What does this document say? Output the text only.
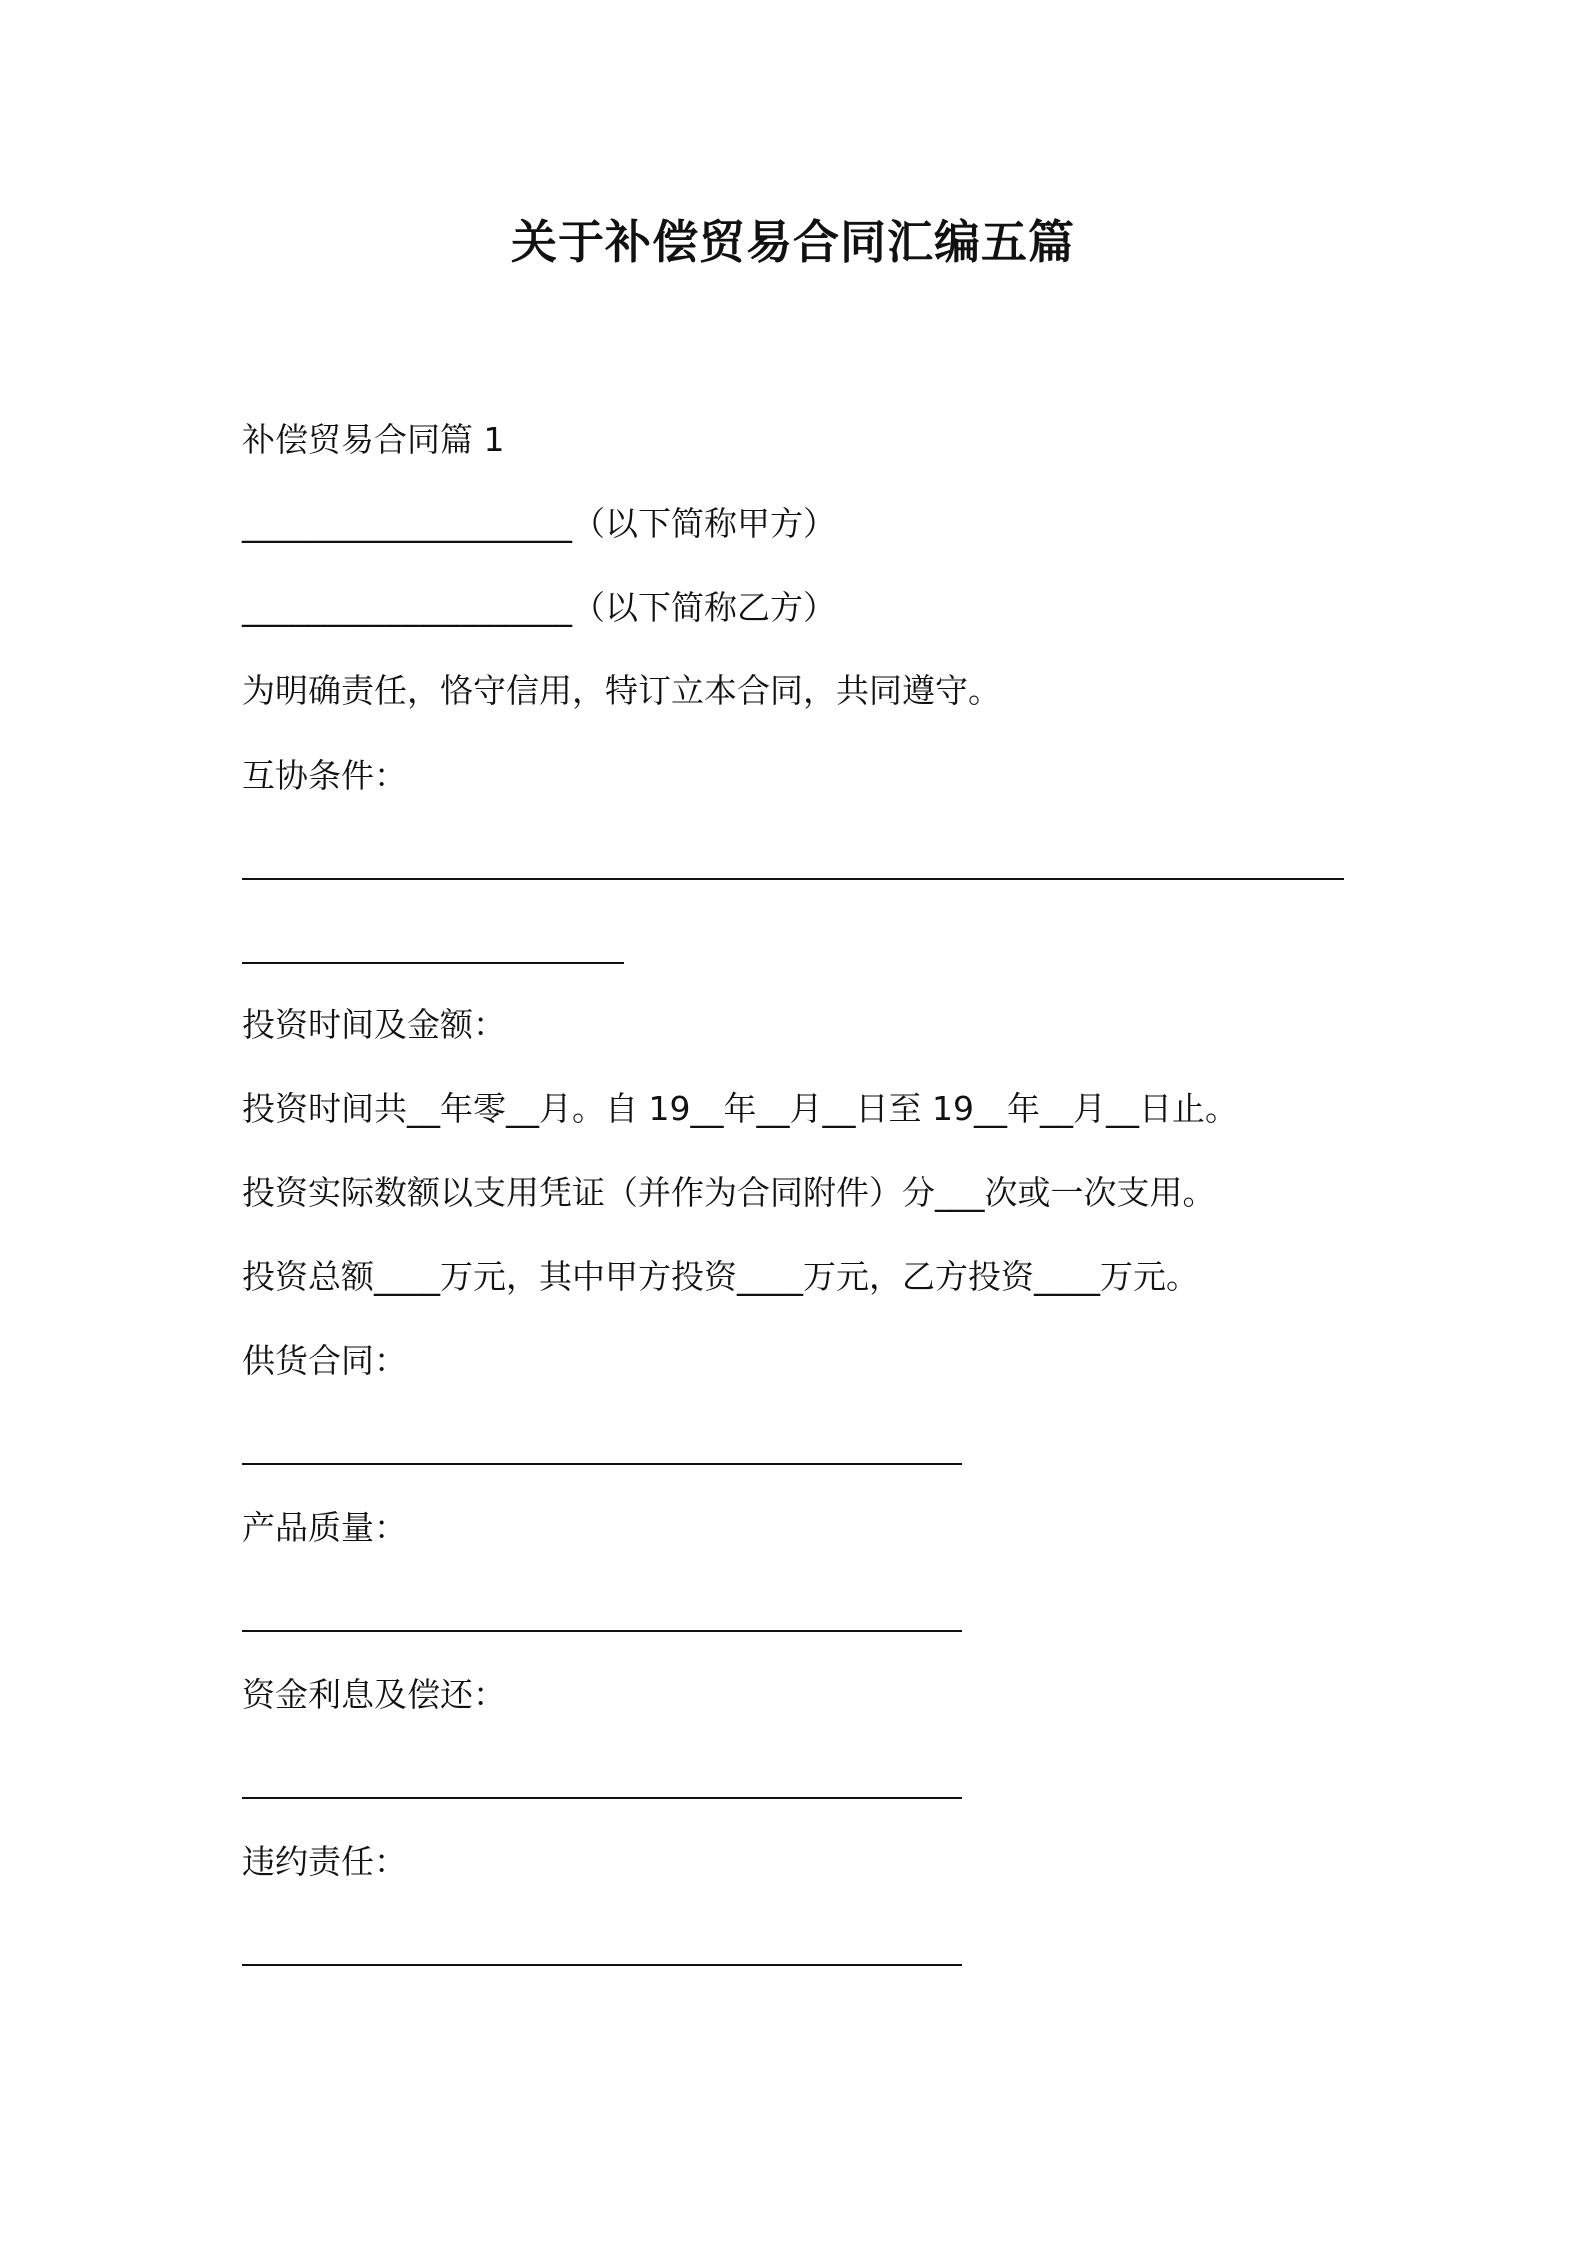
关于补偿贸易合同汇编五篇
补偿贸易合同篇 1
____________________（以下简称甲方）
____________________（以下简称乙方）
为明确责任，恪守信用，特订立本合同，共同遵守。
互协条件：
投资时间及金额：
投资时间共__年零__月。自 19__年__月__日至 19__年__月__日止。
投资实际数额以支用凭证（并作为合同附件）分___次或一次支用。
投资总额____万元，其中甲方投资____万元，乙方投资____万元。
供货合同：
产品质量：
资金利息及偿还：
违约责任：
